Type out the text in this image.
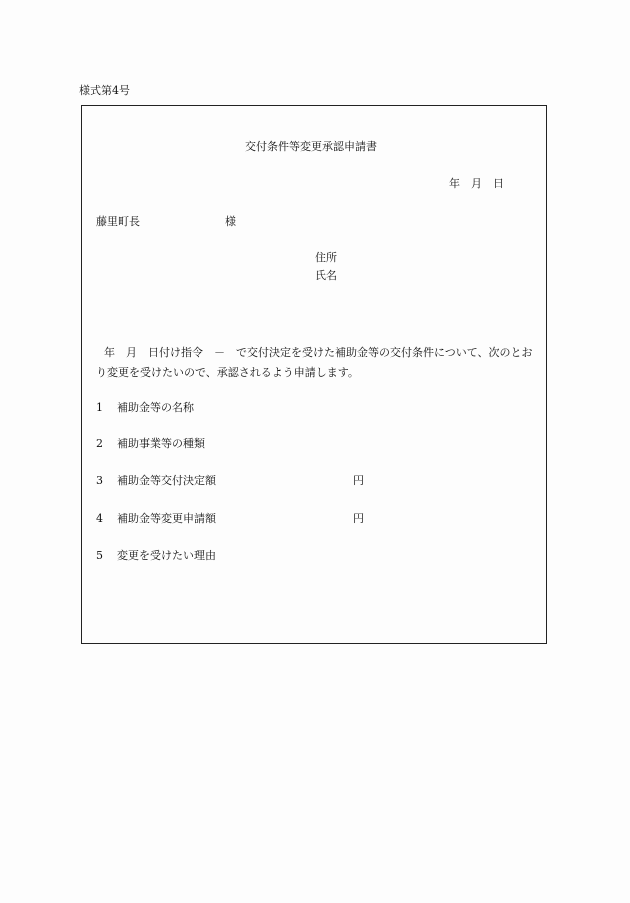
様式第4号
交付条件等変更承認申請書
年　月　日
藤里町長	様
住所
氏名
年　月　日付け指令　－　で交付決定を受けた補助金等の交付条件について、次のとおり変更を受けたいので、承認されるよう申請します。
1 補助金等の名称
2 補助事業等の種類
3 補助金等交付決定額	円
4 補助金等変更申請額	円
5 変更を受けたい理由
